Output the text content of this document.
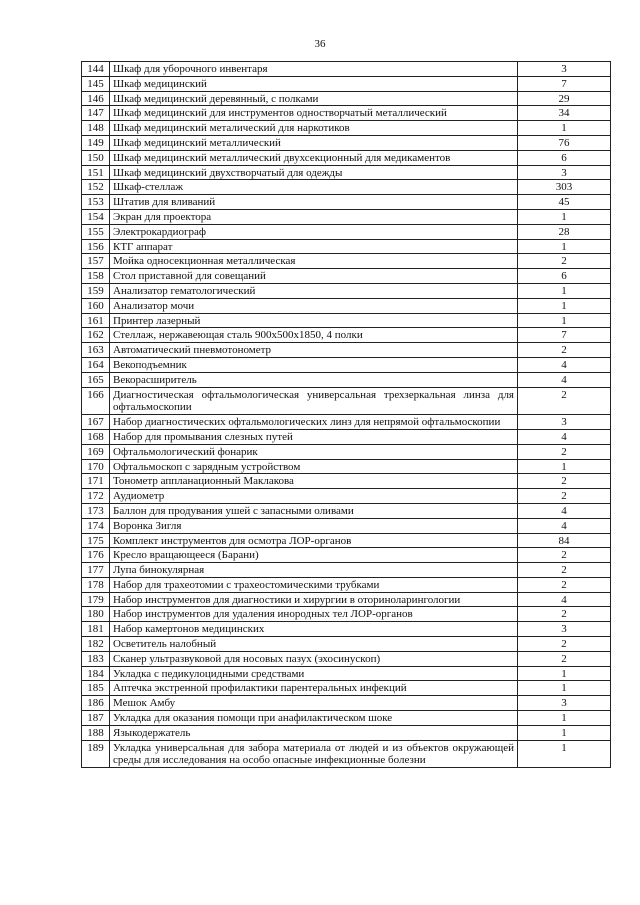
36
144	Шкаф для уборочного инвентаря	3
145	Шкаф медицинский	7
146	Шкаф медицинский деревянный, с полками	29
147	Шкаф медицинский для инструментов одностворчатый металлический	34
148	Шкаф медицинский металический для наркотиков	1
149	Шкаф медицинский металлический	76
150	Шкаф медицинский металлический двухсекционный для медикаментов	6
151	Шкаф медицинский двухстворчатый для одежды	3
152	Шкаф-стеллаж	303
153	Штатив для вливаний	45
154	Экран для проектора	1
155	Электрокардиограф	28
156	КТГ аппарат	1
157	Мойка односекционная металлическая	2
158	Стол приставной для совещаний	6
159	Анализатор гематологический	1
160	Анализатор мочи	1
161	Принтер лазерный	1
162	Стеллаж, нержавеющая сталь 900х500х1850, 4 полки	7
163	Автоматический пневмотонометр	2
164	Векоподъемник	4
165	Векорасширитель	4
166	Диагностическая офтальмологическая универсальная трехзеркальная линза для офтальмоскопии	2
167	Набор диагностических офтальмологических линз для непрямой офтальмоскопии	3
168	Набор для промывания слезных путей	4
169	Офтальмологический фонарик	2
170	Офтальмоскоп с зарядным устройством	1
171	Тонометр аппланационный Маклакова	2
172	Аудиометр	2
173	Баллон для продувания ушей с запасными оливами	4
174	Воронка Зигля	4
175	Комплект инструментов для осмотра ЛОР-органов	84
176	Кресло вращающееся (Барани)	2
177	Лупа бинокулярная	2
178	Набор для трахеотомии с трахеостомическими трубками	2
179	Набор инструментов для диагностики и хирургии в оториноларингологии	4
180	Набор инструментов для удаления инородных тел ЛОР-органов	2
181	Набор камертонов медицинских	3
182	Осветитель налобный	2
183	Сканер ультразвуковой для носовых пазух (эхосинускоп)	2
184	Укладка с педикулоцидными средствами	1
185	Аптечка экстренной профилактики парентеральных инфекций	1
186	Мешок Амбу	3
187	Укладка для оказания помощи при анафилактическом шоке	1
188	Языкодержатель	1
189	Укладка универсальная для забора материала от людей и из объектов окружающей среды для исследования на особо опасные инфекционные болезни	1
